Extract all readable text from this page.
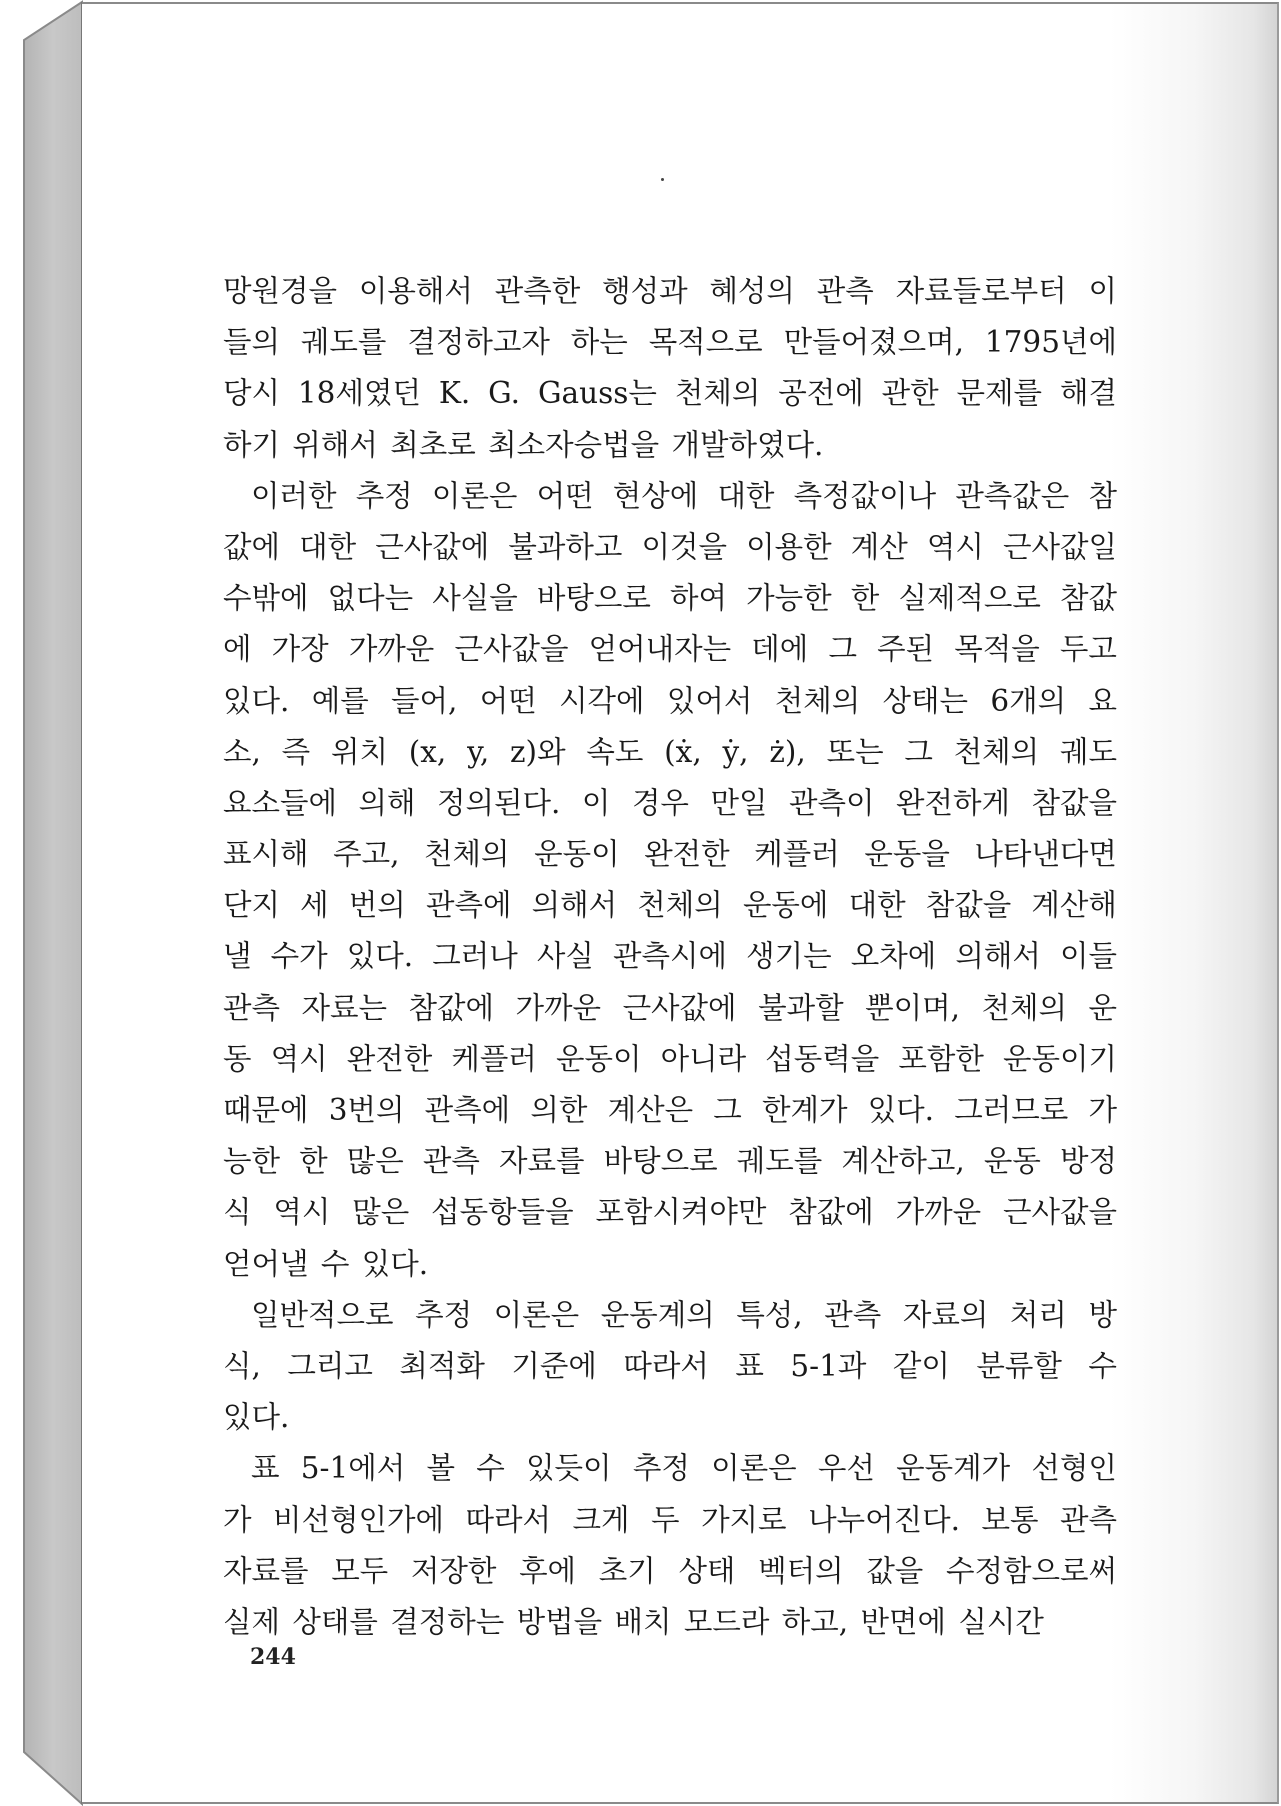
망원경을 이용해서 관측한 행성과 혜성의 관측 자료들로부터 이
들의 궤도를 결정하고자 하는 목적으로 만들어졌으며, 1795년에
당시 18세였던 K. G. Gauss는 천체의 공전에 관한 문제를 해결
하기 위해서 최초로 최소자승법을 개발하였다.
이러한 추정 이론은 어떤 현상에 대한 측정값이나 관측값은 참
값에 대한 근사값에 불과하고 이것을 이용한 계산 역시 근사값일
수밖에 없다는 사실을 바탕으로 하여 가능한 한 실제적으로 참값
에 가장 가까운 근사값을 얻어내자는 데에 그 주된 목적을 두고
있다. 예를 들어, 어떤 시각에 있어서 천체의 상태는 6개의 요
소, 즉 위치 (x, y, z)와 속도 (ẋ, ẏ, ż), 또는 그 천체의 궤도
요소들에 의해 정의된다. 이 경우 만일 관측이 완전하게 참값을
표시해 주고, 천체의 운동이 완전한 케플러 운동을 나타낸다면
단지 세 번의 관측에 의해서 천체의 운동에 대한 참값을 계산해
낼 수가 있다. 그러나 사실 관측시에 생기는 오차에 의해서 이들
관측 자료는 참값에 가까운 근사값에 불과할 뿐이며, 천체의 운
동 역시 완전한 케플러 운동이 아니라 섭동력을 포함한 운동이기
때문에 3번의 관측에 의한 계산은 그 한계가 있다. 그러므로 가
능한 한 많은 관측 자료를 바탕으로 궤도를 계산하고, 운동 방정
식 역시 많은 섭동항들을 포함시켜야만 참값에 가까운 근사값을
얻어낼 수 있다.
일반적으로 추정 이론은 운동계의 특성, 관측 자료의 처리 방
식, 그리고 최적화 기준에 따라서 표 5-1과 같이 분류할 수
있다.
표 5-1에서 볼 수 있듯이 추정 이론은 우선 운동계가 선형인
가 비선형인가에 따라서 크게 두 가지로 나누어진다. 보통 관측
자료를 모두 저장한 후에 초기 상태 벡터의 값을 수정함으로써
실제 상태를 결정하는 방법을 배치 모드라 하고, 반면에 실시간
244
